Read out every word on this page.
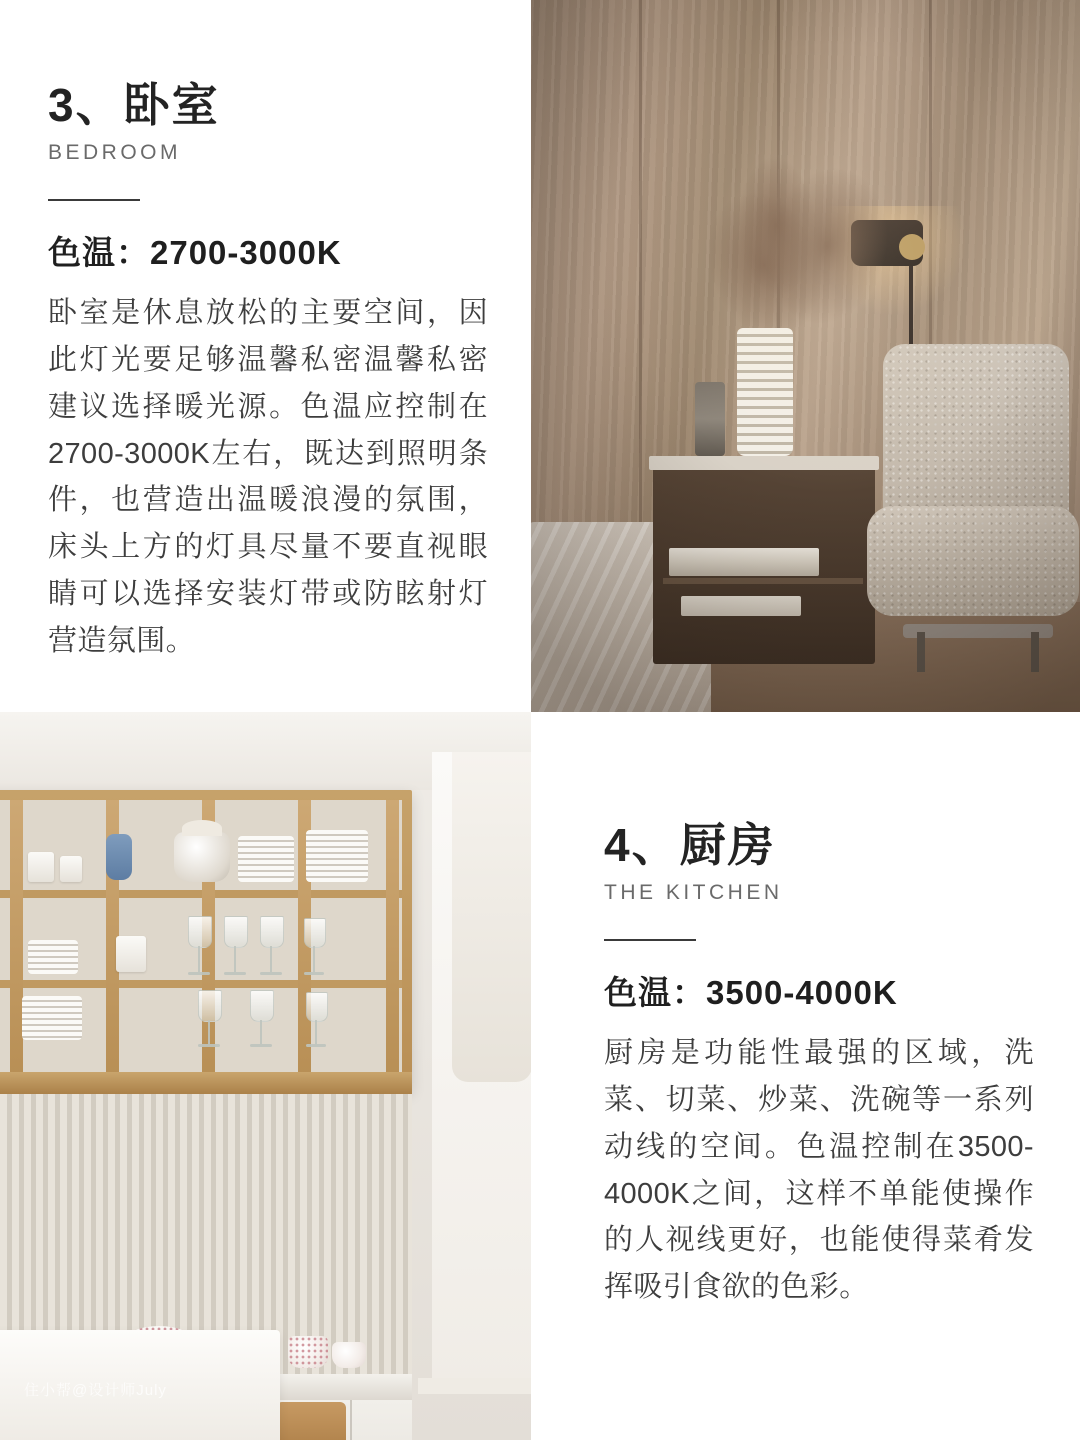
3、卧室

BEDROOM

色温：2700-3000K

卧室是休息放松的主要空间，因此灯光要足够温馨私密温馨私密建议选择暖光源。色温应控制在2700-3000K左右，既达到照明条件，也营造出温暖浪漫的氛围，床头上方的灯具尽量不要直视眼睛可以选择安装灯带或防眩射灯营造氛围。

住小帮@设计师July
4、厨房

THE KITCHEN

色温：3500-4000K

厨房是功能性最强的区域，洗菜、切菜、炒菜、洗碗等一系列动线的空间。色温控制在3500-4000K之间，这样不单能使操作的人视线更好，也能使得菜肴发挥吸引食欲的色彩。
